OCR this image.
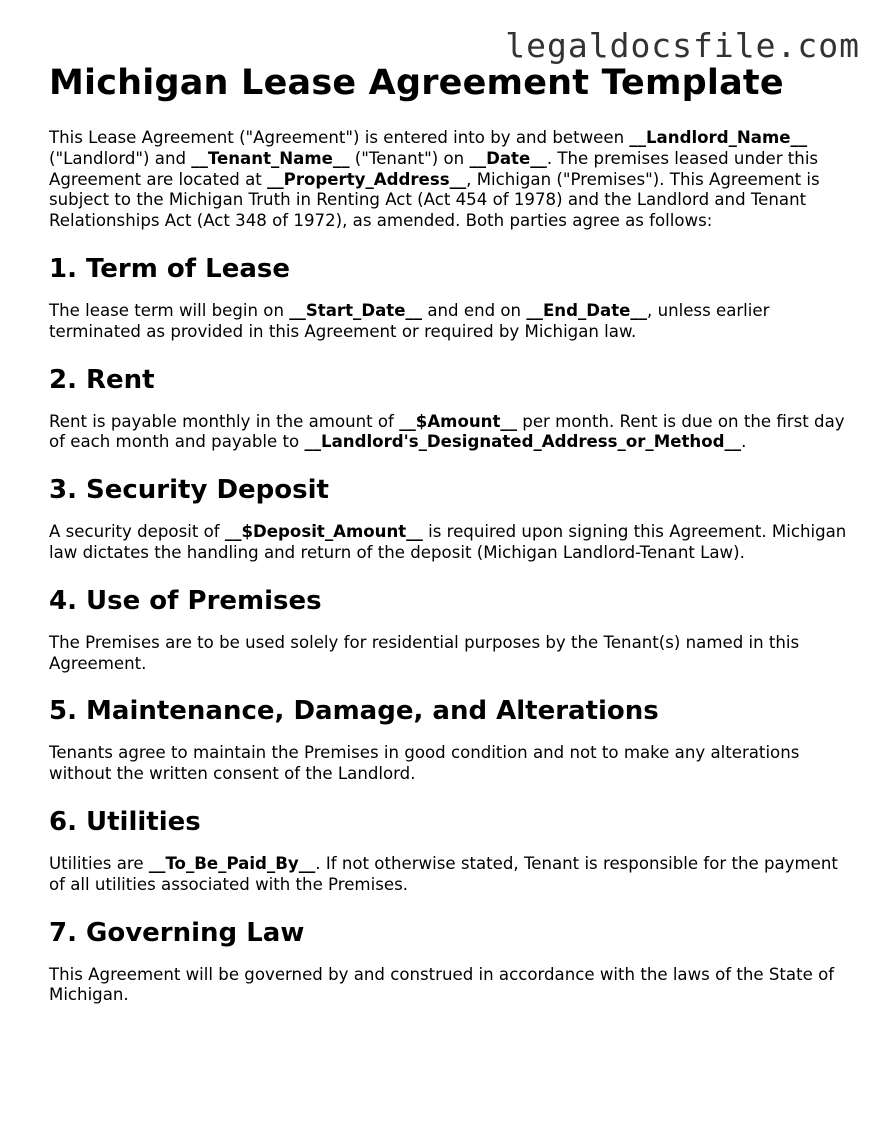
legaldocsfile.com
Michigan Lease Agreement Template

This Lease Agreement ("Agreement") is entered into by and between __Landlord_Name__ ("Landlord") and __Tenant_Name__ ("Tenant") on __Date__. The premises leased under this Agreement are located at __Property_Address__, Michigan ("Premises"). This Agreement is subject to the Michigan Truth in Renting Act (Act 454 of 1978) and the Landlord and Tenant Relationships Act (Act 348 of 1972), as amended. Both parties agree as follows:

1. Term of Lease

The lease term will begin on __Start_Date__ and end on __End_Date__, unless earlier terminated as provided in this Agreement or required by Michigan law.

2. Rent

Rent is payable monthly in the amount of __$Amount__ per month. Rent is due on the first day of each month and payable to __Landlord's_Designated_Address_or_Method__.

3. Security Deposit

A security deposit of __$Deposit_Amount__ is required upon signing this Agreement. Michigan law dictates the handling and return of the deposit (Michigan Landlord-Tenant Law).

4. Use of Premises

The Premises are to be used solely for residential purposes by the Tenant(s) named in this Agreement.

5. Maintenance, Damage, and Alterations

Tenants agree to maintain the Premises in good condition and not to make any alterations without the written consent of the Landlord.

6. Utilities

Utilities are __To_Be_Paid_By__. If not otherwise stated, Tenant is responsible for the payment of all utilities associated with the Premises.

7. Governing Law

This Agreement will be governed by and construed in accordance with the laws of the State of Michigan.
